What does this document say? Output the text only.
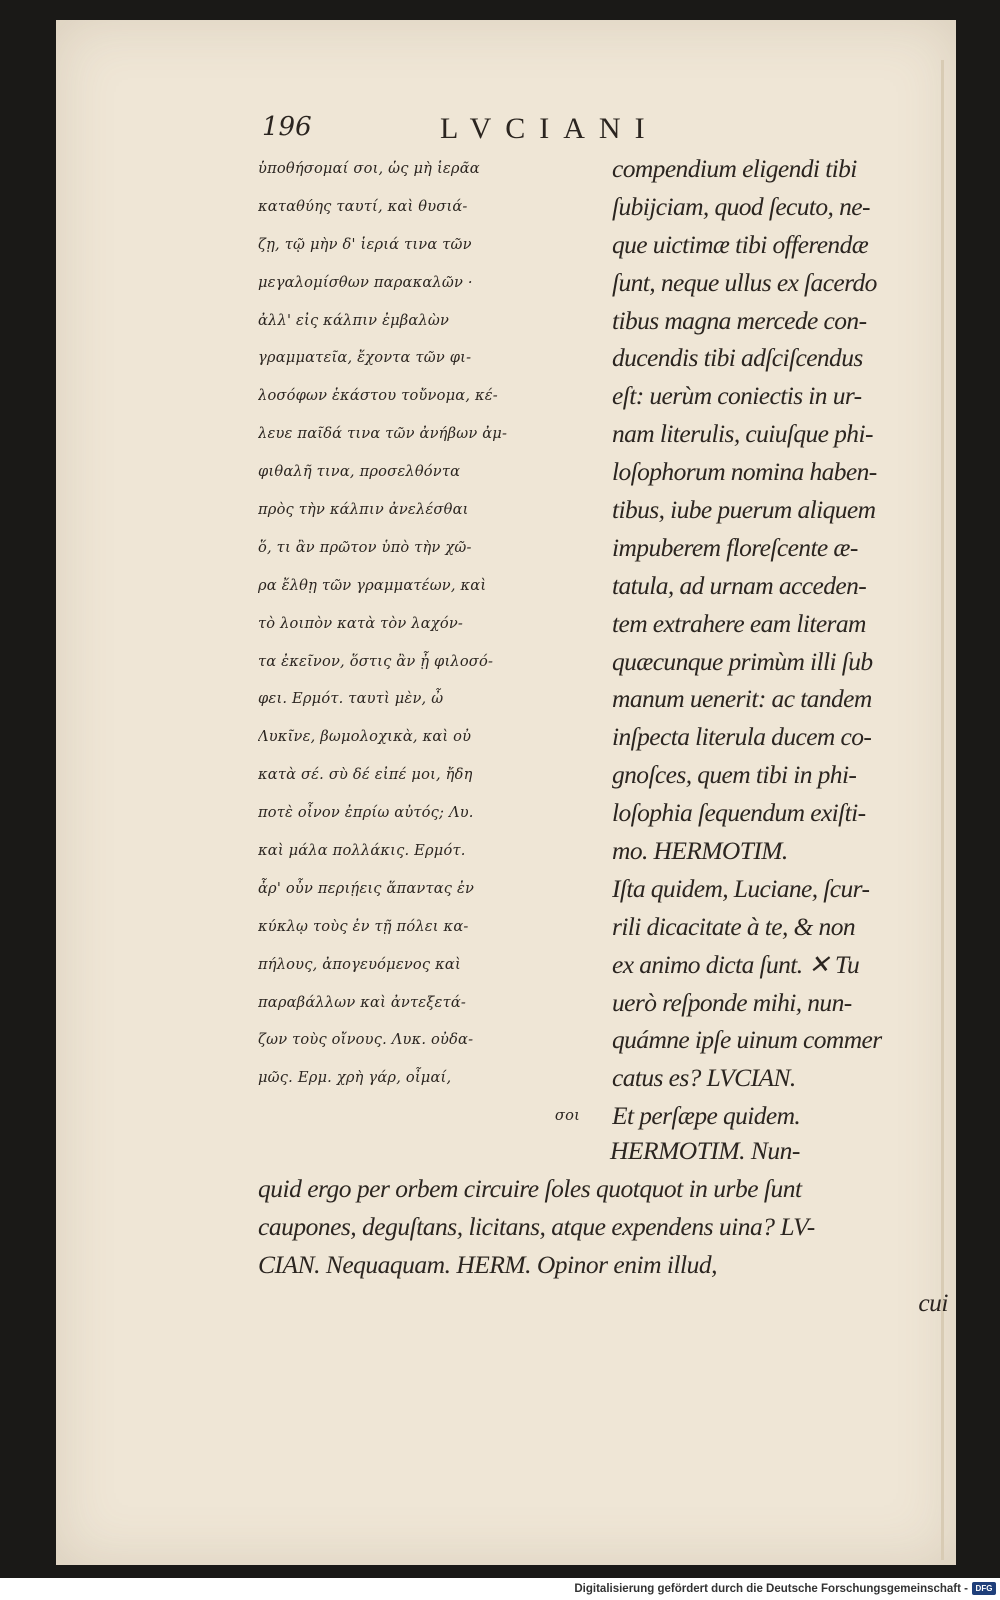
196	LVCIANI
ὑποθήσομαί σοι, ὡς μὴ ἱερᾶα
καταθύης ταυτί, καὶ θυσιά-
ζῃ, τῷ μὴν δ' ἱεριά τινα τῶν
μεγαλομίσθων παρακαλῶν ·
ἀλλ' εἰς κάλπιν ἐμβαλὼν
γραμματεῖα, ἔχοντα τῶν φι-
λοσόφων ἑκάστου τοὔνομα, κέ-
λευε παῖδά τινα τῶν ἀνήβων ἀμ-
φιθαλῆ τινα, προσελθόντα
πρὸς τὴν κάλπιν ἀνελέσθαι
ὅ, τι ἂν πρῶτον ὑπὸ τὴν χῶ-
ρα ἔλθῃ τῶν γραμματέων, καὶ
τὸ λοιπὸν κατὰ τὸν λαχόν-
τα ἐκεῖνον, ὅστις ἂν ᾖ φιλοσό-
φει. Ερμότ. ταυτὶ μὲν, ὦ
Λυκῖνε, βωμολοχικὰ, καὶ οὐ
κατὰ σέ. σὺ δέ εἰπέ μοι, ἤδη
ποτὲ οἶνον ἐπρίω αὐτός; Λυ.
καὶ μάλα πολλάκις. Ερμότ.
ἆρ' οὖν περιῄεις ἅπαντας ἐν
κύκλῳ τοὺς ἐν τῇ πόλει κα-
πήλους, ἀπογευόμενος καὶ
παραβάλλων καὶ ἀντεξετά-
ζων τοὺς οἴνους. Λυκ. οὐδα-
μῶς. Ερμ. χρὴ γάρ, οἶμαί,
σοι
compendium eligendi tibi
ſubijciam, quod ſecuto, ne-
que uictimæ tibi offerendæ
ſunt, neque ullus ex ſacerdo
tibus magna mercede con-
ducendis tibi adſciſcendus
eſt: uerùm coniectis in ur-
nam literulis, cuiuſque phi-
loſophorum nomina haben-
tibus, iube puerum aliquem
impuberem floreſcente æ-
tatula, ad urnam acceden-
tem extrahere eam literam
quæcunque primùm illi ſub
manum uenerit: ac tandem
inſpecta literula ducem co-
gnoſces, quem tibi in phi-
loſophia ſequendum exiſti-
mo. HERMOTIM.
Iſta quidem, Luciane, ſcur-
rili dicacitate à te, & non
ex animo dicta ſunt. ✕ Tu
uerò reſponde mihi, nun-
quámne ipſe uinum commer
catus es? LVCIAN.
Et perſæpe quidem.
HERMOTIM. Nun-
quid ergo per orbem circuire ſoles quotquot in urbe ſunt
caupones, deguſtans, licitans, atque expendens uina? LV-
CIAN. Nequaquam. HERM. Opinor enim illud,
cui
Digitalisierung gefördert durch die Deutsche Forschungsgemeinschaft - DFG
